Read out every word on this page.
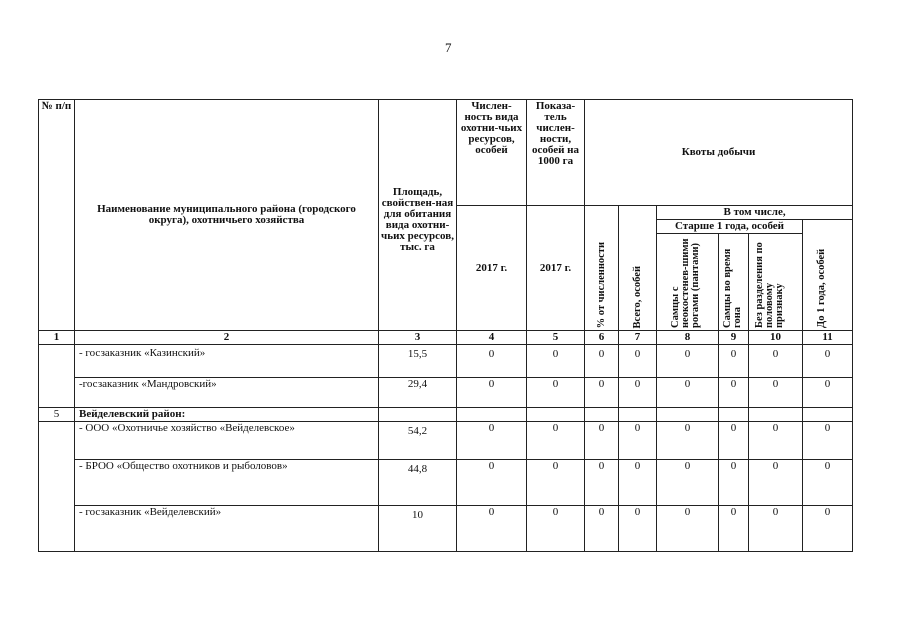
7
№ п/п	Наименование муниципального района (городского округа), охотничьего хозяйства	Площадь, свойствен-ная для обитания вида охотни-чьих ресурсов, тыс. га	Числен-ность вида охотни-чьих ресурсов, особей	Показа-тель числен-ности, особей на 1000 га	Квоты добычи					
			2017 г.	2017 г.	% от численности	Всего, особей	В том числе,			
							Старше 1 года, особей			До 1 года, особей

							Самцы с неокостенев-шими рогами (пантами)	Самцы во время гона	Без разделения по половому признаку	

1	2	3	4	5	6	7	8	9	10	11
	- госзаказник «Казинский»	15,5	0	0	0	0	0	0	0	0
	-госзаказник «Мандровский»	29,4	0	0	0	0	0	0	0	0
5	Вейделевский район:									
	- ООО «Охотничье хозяйство «Вейделевское»	54,2	0	0	0	0	0	0	0	0
	- БРОО «Общество охотников и рыболовов»	44,8	0	0	0	0	0	0	0	0
	- госзаказник «Вейделевский»	10	0	0	0	0	0	0	0	0
